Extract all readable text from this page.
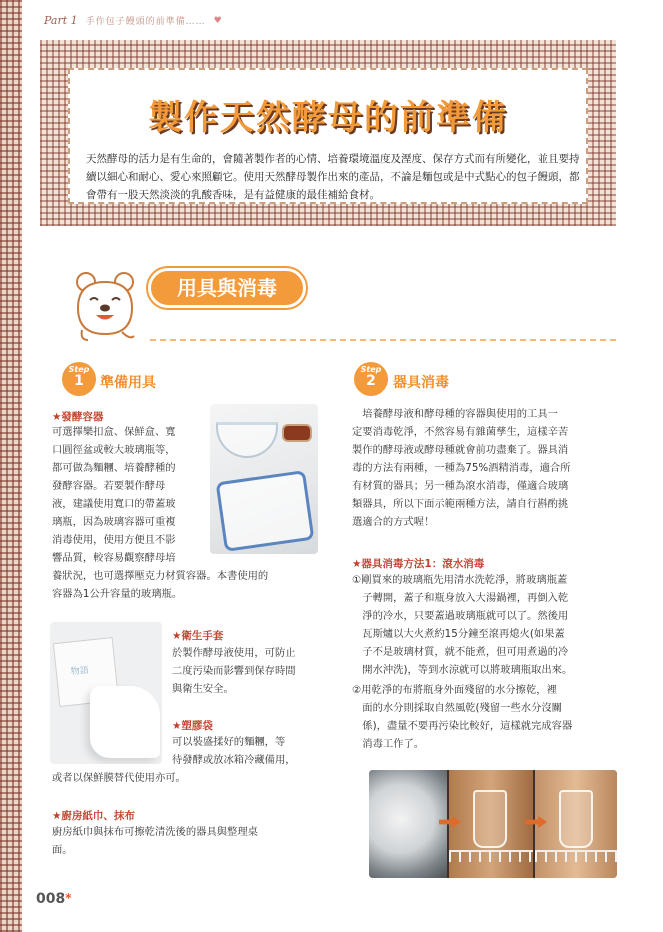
Part 1 手作包子饅頭的前準備…… ♥
製作天然酵母的前準備
天然酵母的活力是有生命的，會隨著製作者的心情、培養環境溫度及溼度、保存方式而有所變化，並且要持續以細心和耐心、愛心來照顧它。使用天然酵母製作出來的產品，不論是麵包或是中式點心的包子饅頭，都會帶有一股天然淡淡的乳酸香味，是有益健康的最佳補給食材。
用具與消毒
Step
1	準備用具
★發酵容器
可選擇樂扣盒、保鮮盒、寬
口圓徑盆或較大玻璃瓶等，
都可做為麵糰、培養酵種的
發酵容器。若要製作酵母
液，建議使用寬口的帶蓋玻
璃瓶，因為玻璃容器可重複
消毒使用，使用方便且不影
響品質，較容易觀察酵母培
養狀況，也可選擇壓克力材質容器。本書使用的
容器為1公升容量的玻璃瓶。
物語
★衛生手套
於製作酵母液使用，可防止
二度污染而影響到保存時間
與衛生安全。
★塑膠袋
可以裝盛揉好的麵糰，等
待發酵或放冰箱冷藏備用，
或者以保鮮膜替代使用亦可。
★廚房紙巾、抹布
廚房紙巾與抹布可擦乾清洗後的器具與整理桌
面。
Step
2	器具消毒
　培養酵母液和酵母種的容器與使用的工具一
定要消毒乾淨，不然容易有雜菌孳生，這樣辛苦
製作的酵母液或酵母種就會前功盡棄了。器具消
毒的方法有兩種，一種為75%酒精消毒，適合所
有材質的器具；另一種為滾水消毒，僅適合玻璃
類器具，所以下面示範兩種方法，請自行斟酌挑
選適合的方式喔！
★器具消毒方法1：滾水消毒
①剛買來的玻璃瓶先用清水洗乾淨，將玻璃瓶蓋
　子轉開，蓋子和瓶身放入大湯鍋裡，再倒入乾
　淨的冷水，只要蓋過玻璃瓶就可以了。然後用
　瓦斯爐以大火煮約15分鐘至滾再熄火(如果蓋
　子不是玻璃材質，就不能煮，但可用煮過的冷
　開水沖洗)，等到水涼就可以將玻璃瓶取出來。
②用乾淨的布將瓶身外面殘留的水分擦乾，裡
　面的水分則採取自然風乾(殘留一些水分沒關
　係)，盡量不要再污染比較好，這樣就完成容器
　消毒工作了。
008*
